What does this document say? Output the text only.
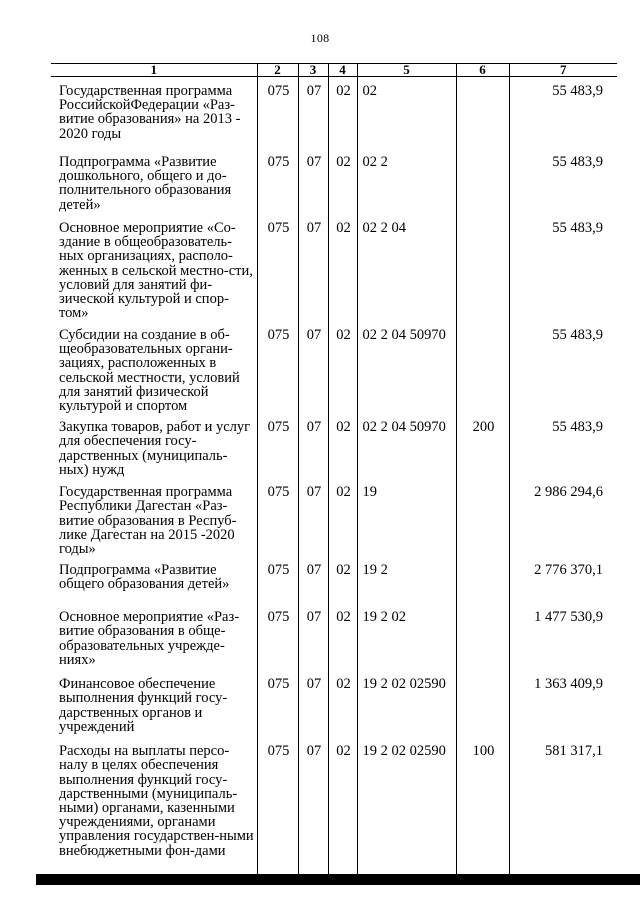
108
1	2	3	4	5	6	7
Государственная программа РоссийскойФедерации «Раз-витие образования» на 2013 - 2020 годы	075	07	02	02		55 483,9
Подпрограмма «Развитие дошкольного, общего и до-полнительного образования детей»	075	07	02	02 2		55 483,9
Основное мероприятие «Со-здание в общеобразователь-ных организациях, располо-женных в сельской местно-сти, условий для занятий фи-зической культурой и спор-том»	075	07	02	02 2 04		55 483,9
Субсидии на создание в об-щеобразовательных органи-зациях, расположенных в сельской местности, условий для занятий физической культурой и спортом	075	07	02	02 2 04 50970		55 483,9
Закупка товаров, работ и услуг для обеспечения госу-дарственных (муниципаль-ных) нужд	075	07	02	02 2 04 50970	200	55 483,9
Государственная программа Республики Дагестан «Раз-витие образования в Респуб-лике Дагестан на 2015 -2020 годы»	075	07	02	19		2 986 294,6
Подпрограмма «Развитие общего образования детей»	075	07	02	19 2		2 776 370,1
Основное мероприятие «Раз-витие образования в обще-образовательных учрежде-ниях»	075	07	02	19 2 02		1 477 530,9
Финансовое обеспечение выполнения функций госу-дарственных органов и учреждений	075	07	02	19 2 02 02590		1 363 409,9
Расходы на выплаты персо-налу в целях обеспечения выполнения функций госу-дарственными (муниципаль-ными) органами, казенными учреждениями, органами управления государствен-ными внебюджетными фон-дами	075	07	02	19 2 02 02590	100	581 317,1
